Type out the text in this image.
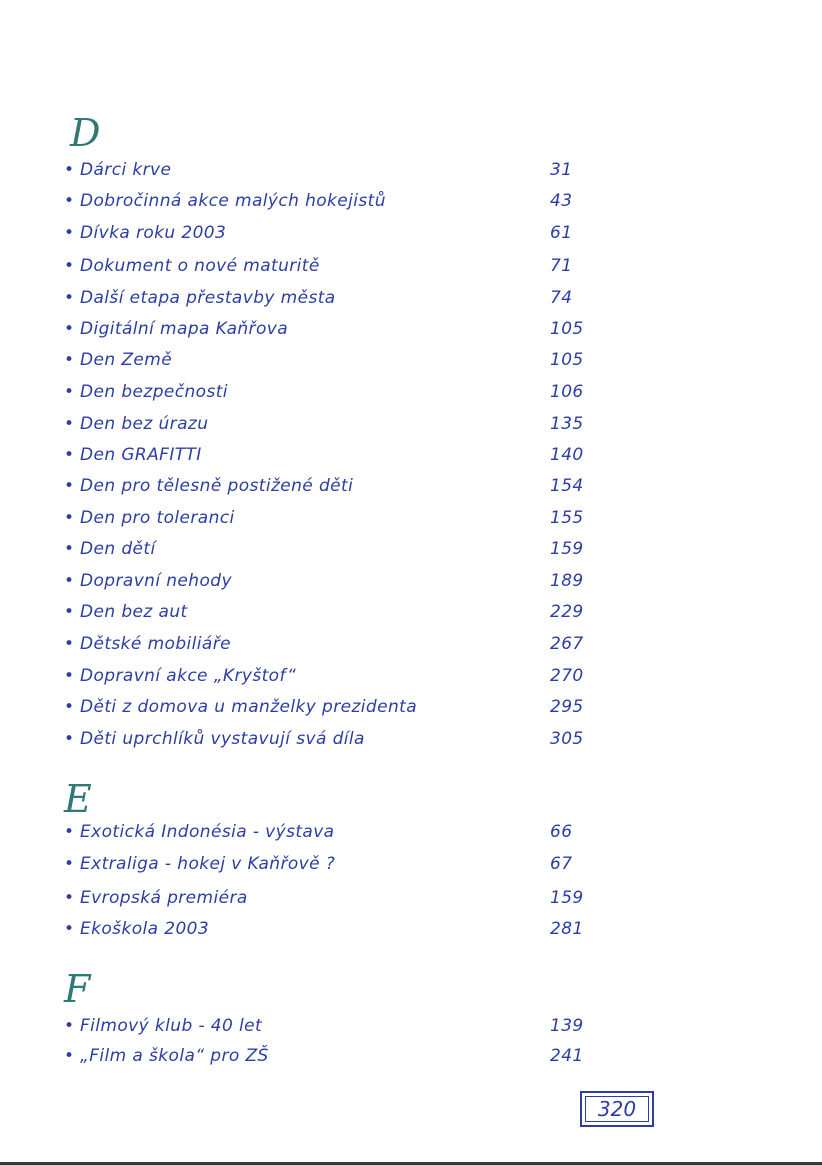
D
• Dárci krve	31
• Dobročinná akce malých hokejistů	43
• Dívka roku 2003	61
• Dokument o nové maturitě	71
• Další etapa přestavby města	74
• Digitální mapa Kaňřova	105
• Den Země	105
• Den bezpečnosti	106
• Den bez úrazu	135
• Den GRAFITTI	140
• Den pro tělesně postižené děti	154
• Den pro toleranci	155
• Den dětí	159
• Dopravní nehody	189
• Den bez aut	229
• Dětské mobiliáře	267
• Dopravní akce „Kryštof“	270
• Děti z domova u manželky prezidenta	295
• Děti uprchlíků vystavují svá díla	305
E
• Exotická Indonésia - výstava	66
• Extraliga - hokej v Kaňřově ?	67
• Evropská premiéra	159
• Ekoškola 2003	281
F
• Filmový klub - 40 let	139
• „Film a škola“ pro ZŠ	241
320
